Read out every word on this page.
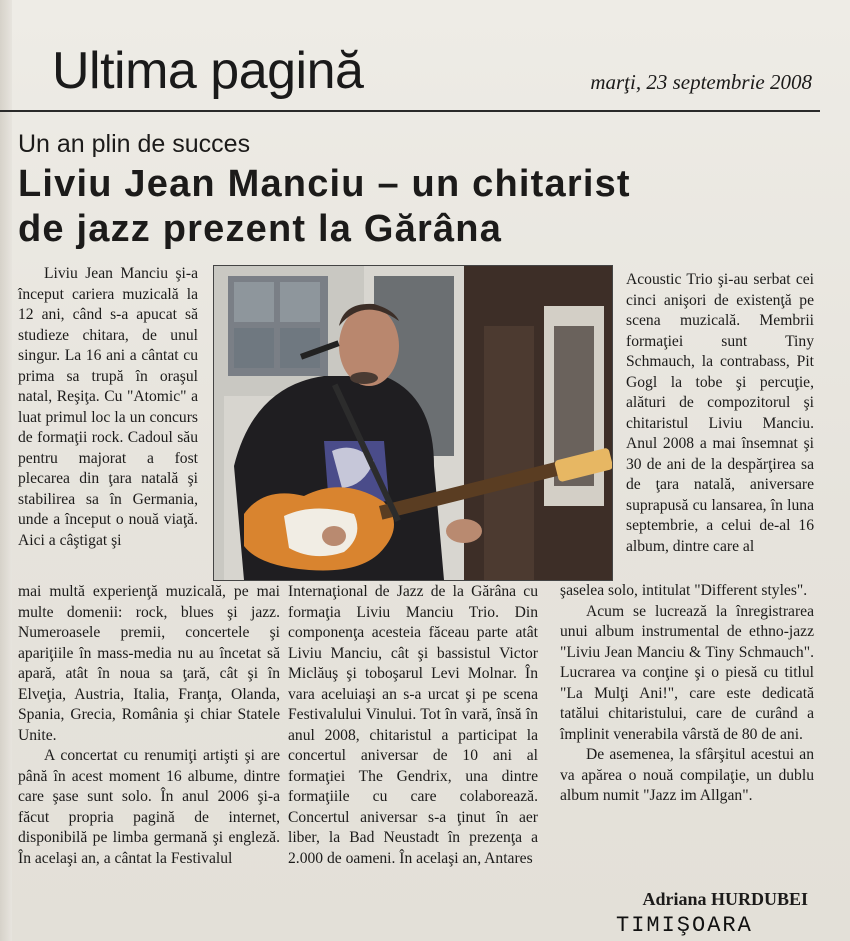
Ultima pagină	marţi, 23 septembrie 2008
Un an plin de succes
Liviu Jean Manciu – un chitarist
de jazz prezent la Gărâna

Liviu Jean Manciu şi-a început cariera muzicală la 12 ani, când s-a apucat să studieze chitara, de unul singur. La 16 ani a cântat cu prima sa trupă în oraşul natal, Reşiţa. Cu "Atomic" a luat primul loc la un concurs de formaţii rock. Cadoul său pentru majorat a fost plecarea din ţara natală şi stabilirea sa în Germania, unde a început o nouă viaţă. Aici a câştigat şi

mai multă experienţă muzicală, pe mai multe domenii: rock, blues şi jazz. Numeroasele premii, concertele şi apariţiile în mass-media nu au încetat să apară, atât în noua sa ţară, cât şi în Elveţia, Austria, Italia, Franţa, Olanda, Spania, Grecia, România şi chiar Statele Unite.

A concertat cu renumiţi artişti şi are până în acest moment 16 albume, dintre care şase sunt solo. În anul 2006 şi-a făcut propria pagină de internet, disponibilă pe limba germană şi engleză. În acelaşi an, a cântat la Festivalul

Internaţional de Jazz de la Gărâna cu formaţia Liviu Manciu Trio. Din componenţa acesteia făceau parte atât Liviu Manciu, cât şi bassistul Victor Miclăuş şi toboşarul Levi Molnar. În vara aceluiaşi an s-a urcat şi pe scena Festivalului Vinului. Tot în vară, însă în anul 2008, chitaristul a participat la concertul aniversar de 10 ani al formaţiei The Gendrix, una dintre formaţiile cu care colaborează. Concertul aniversar s-a ţinut în aer liber, la Bad Neustadt în prezenţa a 2.000 de oameni. În acelaşi an, Antares

Acoustic Trio şi-au serbat cei cinci anişori de existenţă pe scena muzicală. Membrii formaţiei sunt Tiny Schmauch, la contrabass, Pit Gogl la tobe şi percuţie, alături de compozitorul şi chitaristul Liviu Manciu. Anul 2008 a mai însemnat şi 30 de ani de la despărţirea sa de ţara natală, aniversare suprapusă cu lansarea, în luna septembrie, a celui de-al 16 album, dintre care al

şaselea solo, intitulat "Different styles".

Acum se lucrează la înregistrarea unui album instrumental de ethno-jazz "Liviu Jean Manciu & Tiny Schmauch". Lucrarea va conţine şi o piesă cu titlul "La Mulţi Ani!", care este dedicată tatălui chitaristului, care de curând a împlinit venerabila vârstă de 80 de ani.

De asemenea, la sfârşitul acestui an va apărea o nouă compilaţie, un dublu album numit "Jazz im Allgan".

Adriana HURDUBEI
TIMIŞOARA
